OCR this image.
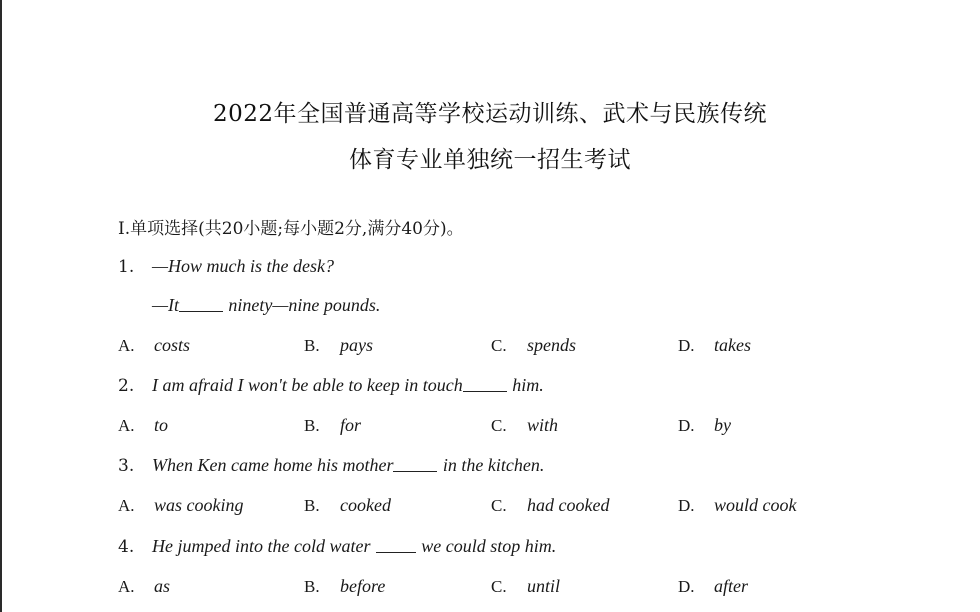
2022年全国普通高等学校运动训练、武术与民族传统
体育专业单独统一招生考试
I.单项选择(共20小题;每小题2分,满分40分)。
1. —How much is the desk?
—It	ninety—nine pounds.
A. costs	B. pays	C. spends	D. takes
2. I am afraid I won't be able to keep in touch	him.
A. to	B. for	C. with	D. by
3. When Ken came home his mother	in the kitchen.
A. was cooking	B. cooked	C. had cooked	D. would cook
4. He jumped into the cold water	we could stop him.
A. as	B. before	C. until	D. after
